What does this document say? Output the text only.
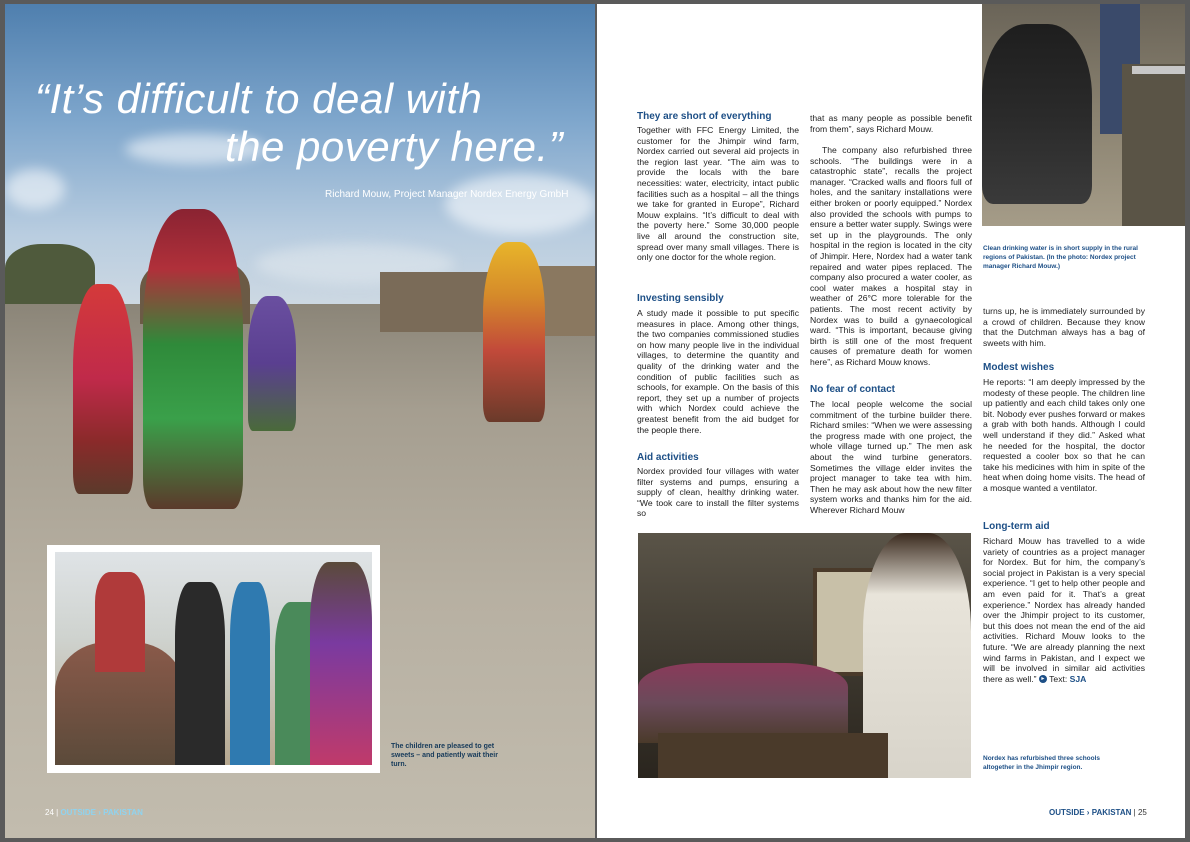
“It’s difficult to deal with
the poverty here.”
Richard Mouw, Project Manager Nordex Energy GmbH
The children are pleased to get sweets – and patiently wait their turn.
24 | OUTSIDE › PAKISTAN
They are short of everything

Together with FFC Energy Limited, the customer for the Jhimpir wind farm, Nordex carried out several aid projects in the region last year. “The aim was to provide the locals with the bare necessities: water, electricity, intact public facilities such as a hospital – all the things we take for granted in Europe”, Richard Mouw explains. “It’s difficult to deal with the poverty here.” Some 30,000 people live all around the construction site, spread over many small villages. There is only one doctor for the whole region.

Investing sensibly

A study made it possible to put specific measures in place. Among other things, the two companies commissioned studies on how many people live in the individual villages, to determine the quantity and quality of the drinking water and the condition of public facilities such as schools, for example. On the basis of this report, they set up a number of projects with which Nordex could achieve the greatest benefit from the aid budget for the people there.

Aid activities

Nordex provided four villages with water filter systems and pumps, ensuring a supply of clean, healthy drinking water. “We took care to install the filter systems so

that as many people as possible benefit from them”, says Richard Mouw.

The company also refurbished three schools. “The buildings were in a catastrophic state”, recalls the project manager. “Cracked walls and floors full of holes, and the sanitary installations were either broken or poorly equipped.” Nordex also provided the schools with pumps to ensure a better water supply. Swings were set up in the playgrounds. The only hospital in the region is located in the city of Jhimpir. Here, Nordex had a water tank repaired and water pipes replaced. The company also procured a water cooler, as cool water makes a hospital stay in weather of 26°C more tolerable for the patients. The most recent activity by Nordex was to build a gynaecological ward. “This is important, because giving birth is still one of the most frequent causes of premature death for women here”, as Richard Mouw knows.

No fear of contact

The local people welcome the social commitment of the turbine builder there. Richard smiles: “When we were assessing the progress made with one project, the whole village turned up.” The men ask about the wind turbine generators. Sometimes the village elder invites the project manager to take tea with him. Then he may ask about how the new filter system works and thanks him for the aid. Wherever Richard Mouw

Clean drinking water is in short supply in the rural regions of Pakistan. (In the photo: Nordex project manager Richard Mouw.)

turns up, he is immediately surrounded by a crowd of children. Because they know that the Dutchman always has a bag of sweets with him.

Modest wishes

He reports: “I am deeply impressed by the modesty of these people. The children line up patiently and each child takes only one bit. Nobody ever pushes forward or makes a grab with both hands. Although I could well understand if they did.” Asked what he needed for the hospital, the doctor requested a cooler box so that he can take his medicines with him in spite of the heat when doing home visits. The head of a mosque wanted a ventilator.

Long-term aid

Richard Mouw has travelled to a wide variety of countries as a project manager for Nordex. But for him, the company’s social project in Pakistan is a very special experience. “I get to help other people and am even paid for it. That’s a great experience.” Nordex has already handed over the Jhimpir project to its customer, but this does not mean the end of the aid activities. Richard Mouw looks to the future. “We are already planning the next wind farms in Pakistan, and I expect we will be involved in similar aid activities there as well.” ▸ Text: SJA

Nordex has refurbished three schools altogether in the Jhimpir region.
OUTSIDE › PAKISTAN | 25
